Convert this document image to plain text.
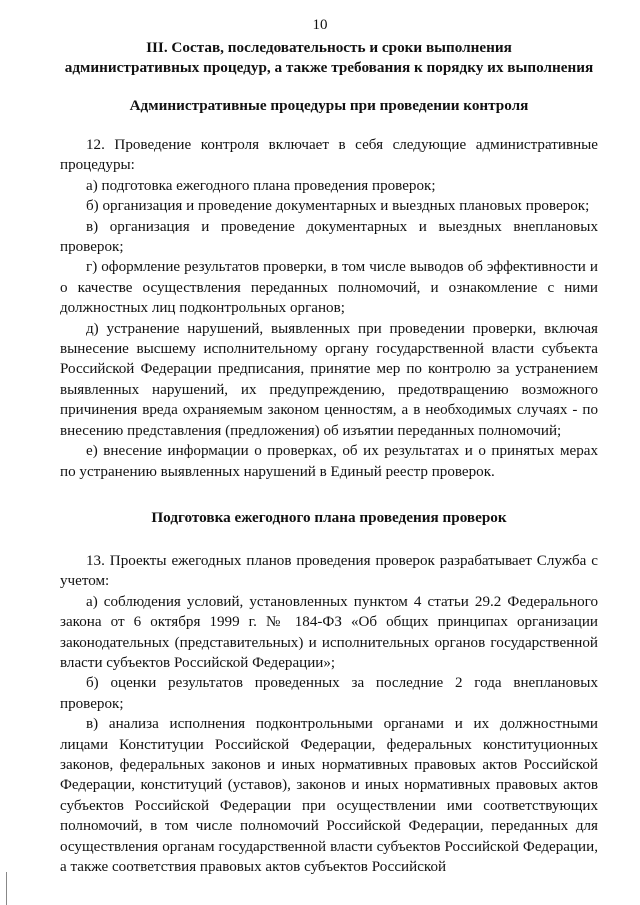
10

III. Состав, последовательность и сроки выполнения

административных процедур, а также требования к порядку их выполнения

Административные процедуры при проведении контроля

12. Проведение контроля включает в себя следующие административные процедуры:

а) подготовка ежегодного плана проведения проверок;

б) организация и проведение документарных и выездных плановых проверок;

в) организация и проведение документарных и выездных внеплановых проверок;

г) оформление результатов проверки, в том числе выводов об эффективности и о качестве осуществления переданных полномочий, и ознакомление с ними должностных лиц подконтрольных органов;

д) устранение нарушений, выявленных при проведении проверки, включая вынесение высшему исполнительному органу государственной власти субъекта Российской Федерации предписания, принятие мер по контролю за устранением выявленных нарушений, их предупреждению, предотвращению возможного причинения вреда охраняемым законом ценностям, а в необходимых случаях - по внесению представления (предложения) об изъятии переданных полномочий;

е) внесение информации о проверках, об их результатах и о принятых мерах по устранению выявленных нарушений в Единый реестр проверок.

Подготовка ежегодного плана проведения проверок

13. Проекты ежегодных планов проведения проверок разрабатывает Служба с учетом:

а) соблюдения условий, установленных пунктом 4 статьи 29.2 Федерального закона от 6 октября 1999 г. № 184-ФЗ «Об общих принципах организации законодательных (представительных) и исполнительных органов государственной власти субъектов Российской Федерации»;

б) оценки результатов проведенных за последние 2 года внеплановых проверок;

в) анализа исполнения подконтрольными органами и их должностными лицами Конституции Российской Федерации, федеральных конституционных законов, федеральных законов и иных нормативных правовых актов Российской Федерации, конституций (уставов), законов и иных нормативных правовых актов субъектов Российской Федерации при осуществлении ими соответствующих полномочий, в том числе полномочий Российской Федерации, переданных для осуществления органам государственной власти субъектов Российской Федерации, а также соответствия правовых актов субъектов Российской
